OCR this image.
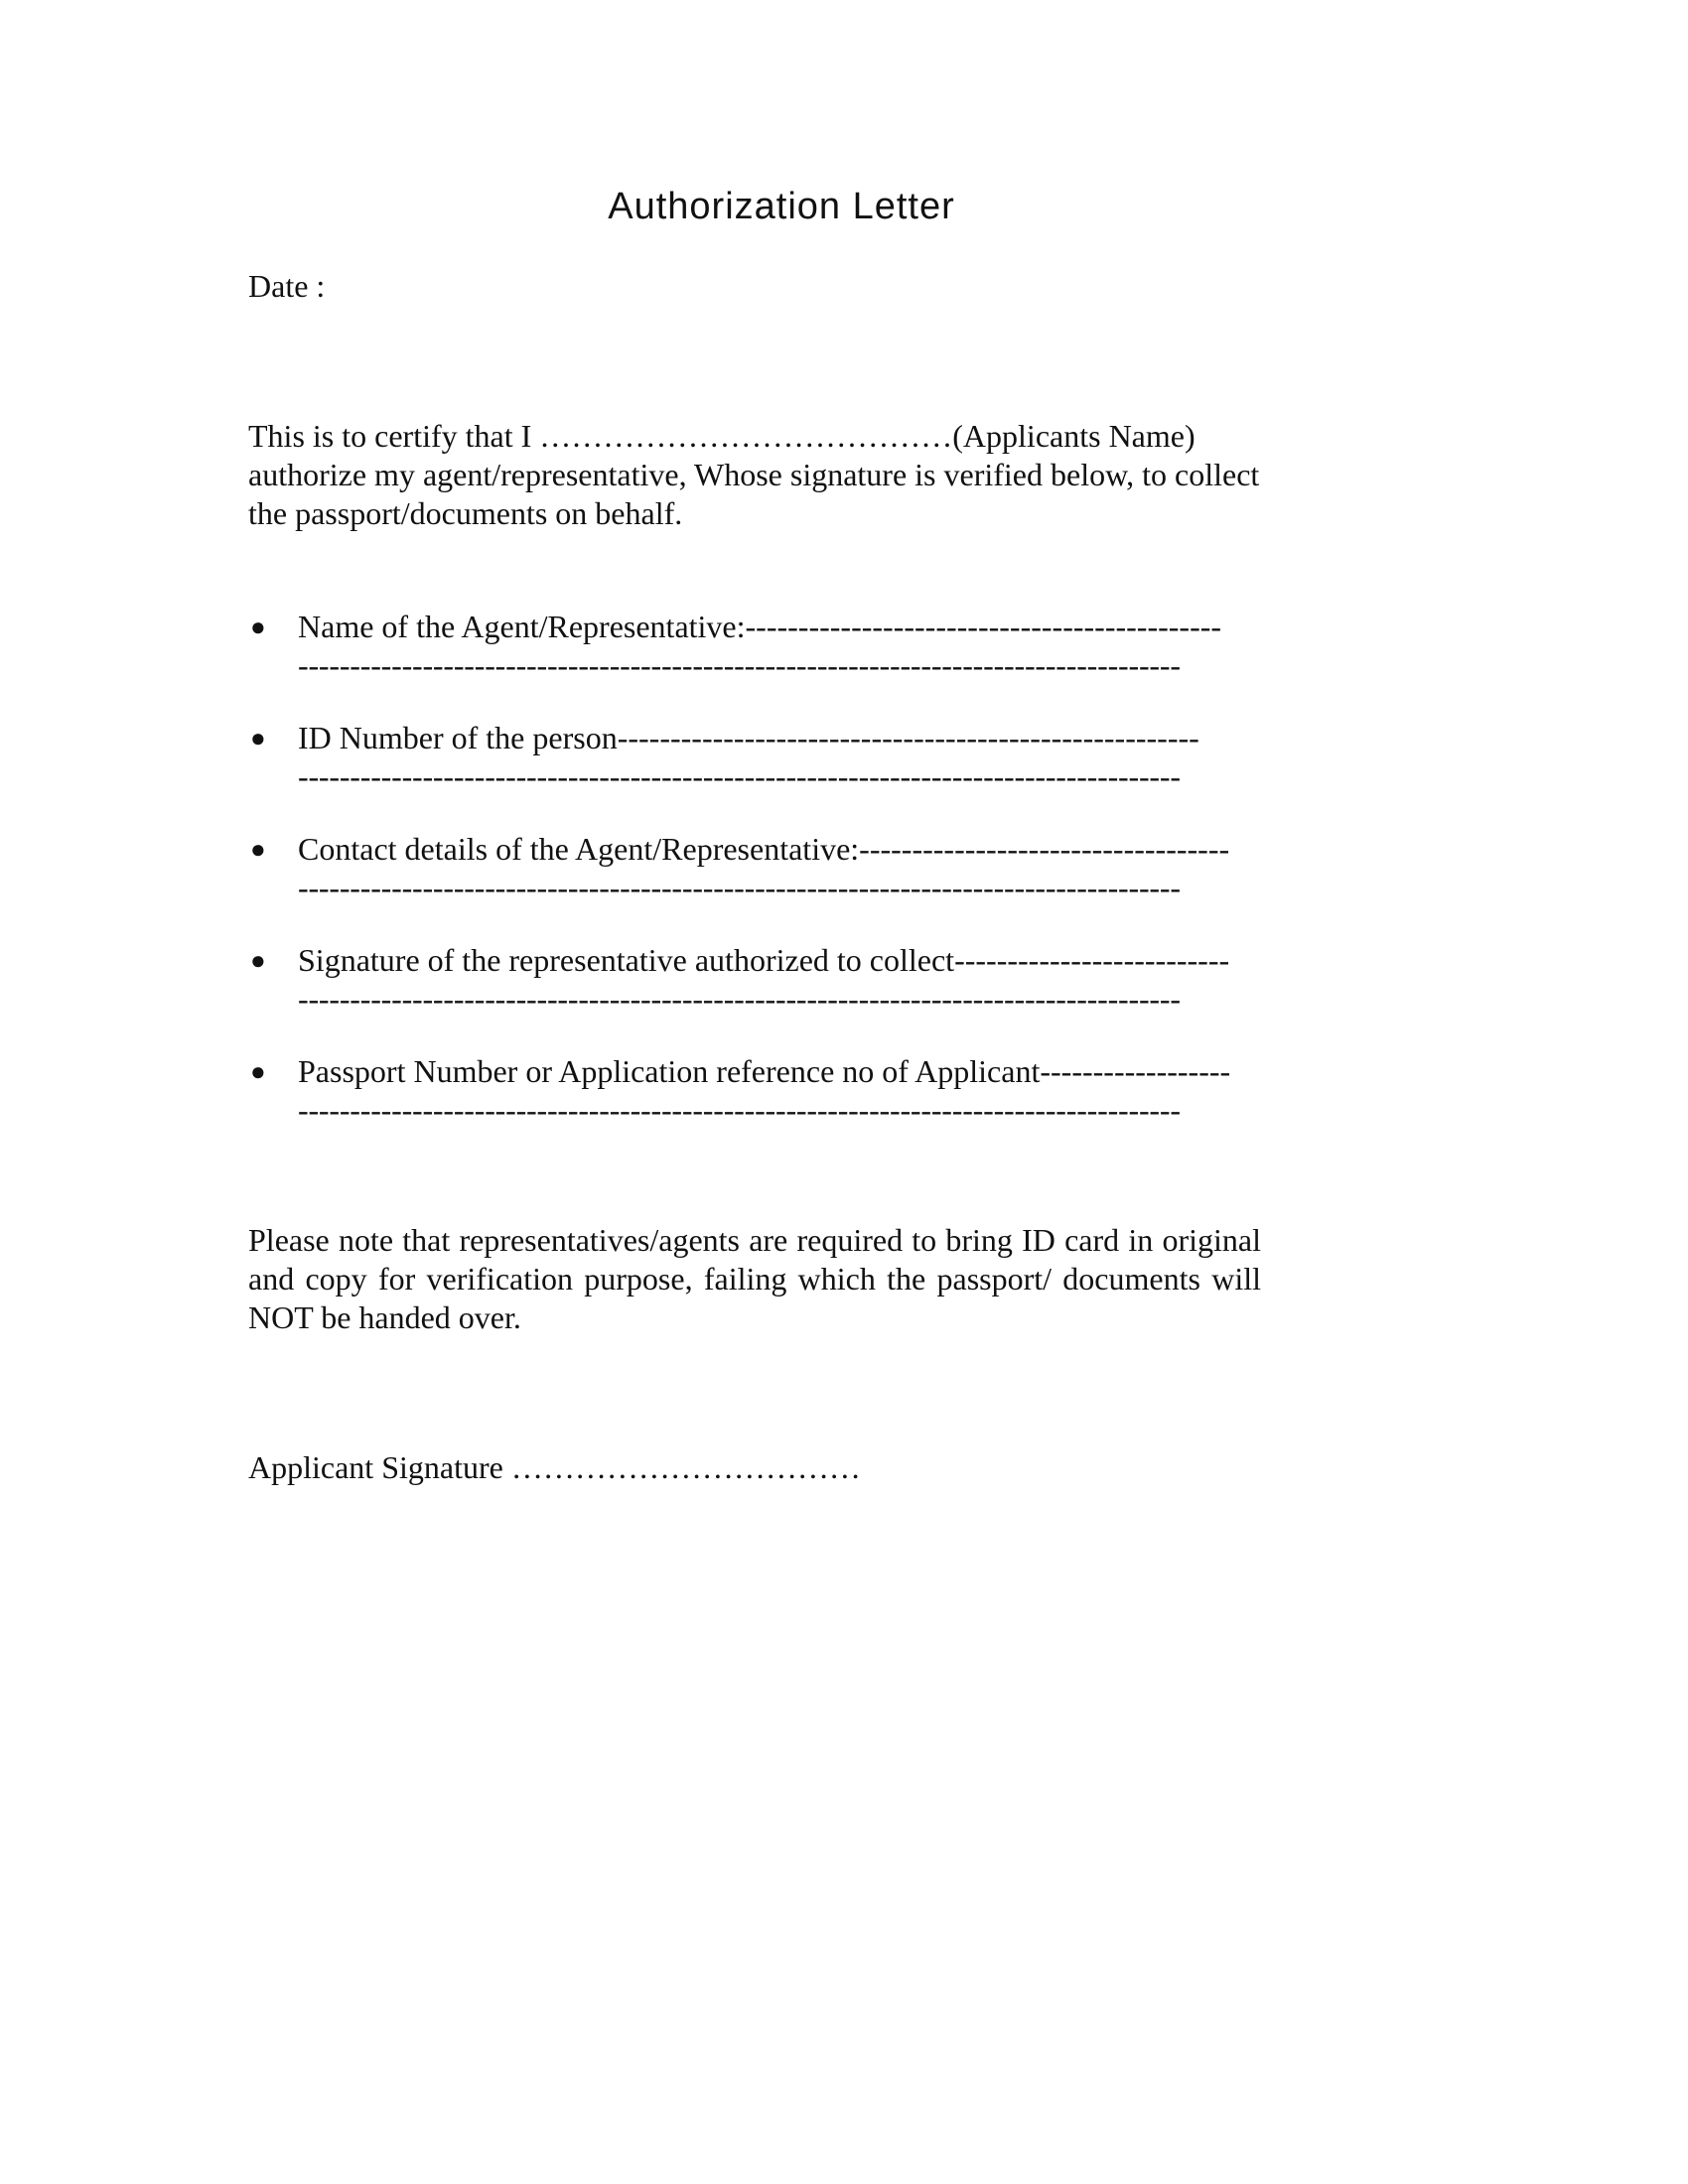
Authorization Letter
Date :
This is to certify that I …………………………………(Applicants Name) authorize my agent/representative, Whose signature is verified below, to collect the passport/documents on behalf.
● Name of the Agent/Representative:---------------------------------------------
-------------------------------------------------------------------------------------
● ID Number of the person-------------------------------------------------------
-------------------------------------------------------------------------------------
● Contact details of the Agent/Representative:-----------------------------------
-------------------------------------------------------------------------------------
● Signature of the representative authorized to collect--------------------------
-------------------------------------------------------------------------------------
● Passport Number or Application reference no of Applicant------------------
-------------------------------------------------------------------------------------
Please note that representatives/agents are required to bring ID card in original and copy for verification purpose, failing which the passport/ documents will NOT be handed over.
Applicant Signature ……………………………
